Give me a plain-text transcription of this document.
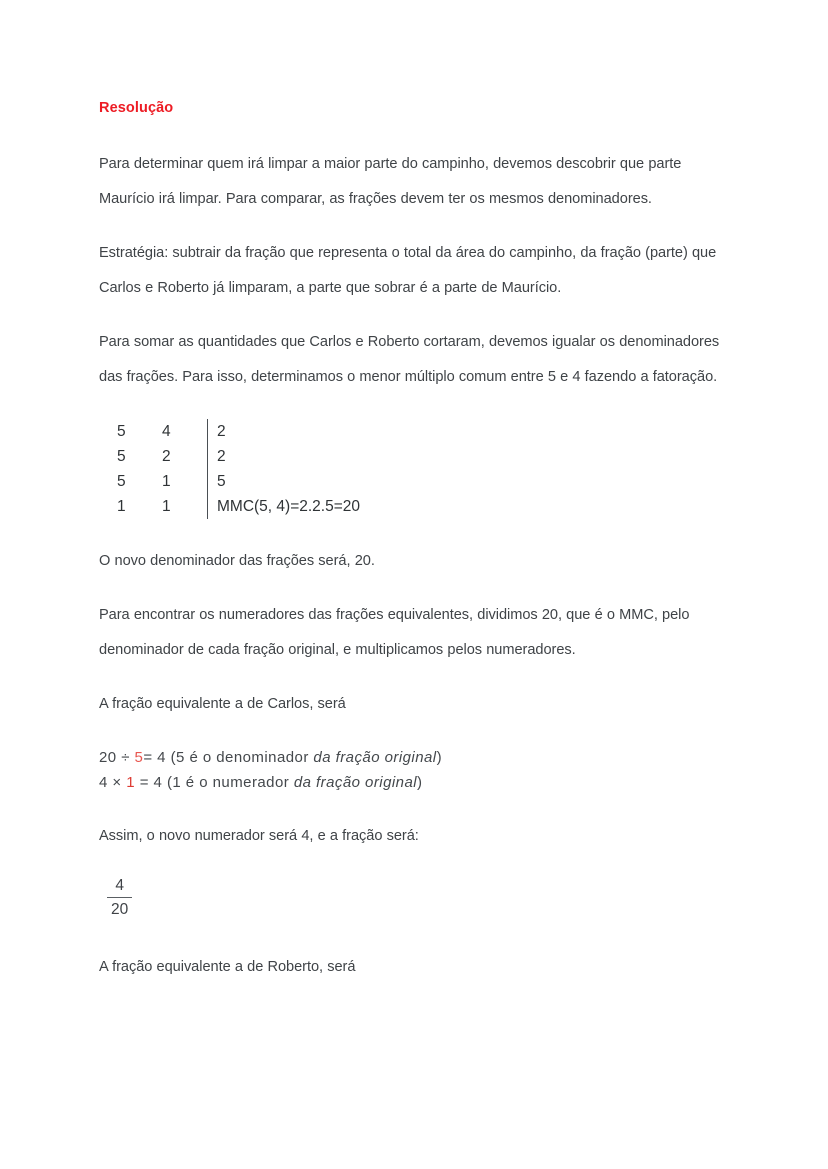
Resolução

Para determinar quem irá limpar a maior parte do campinho, devemos descobrir que parte Maurício irá limpar. Para comparar, as frações devem ter os mesmos denominadores.

Estratégia: subtrair da fração que representa o total da área do campinho, da fração (parte) que Carlos e Roberto já limparam, a parte que sobrar é a parte de Maurício.

Para somar as quantidades que Carlos e Roberto cortaram, devemos igualar os denominadores das frações. Para isso, determinamos o menor múltiplo comum entre 5 e 4 fazendo a fatoração.

5	4	2
5	2	2
5	1	5
1	1	MMC(5, 4)=2.2.5=20

O novo denominador das frações será, 20.

Para encontrar os numeradores das frações equivalentes, dividimos 20, que é o MMC, pelo denominador de cada fração original, e multiplicamos pelos numeradores.

A fração equivalente a de Carlos, será

20 ÷ 5= 4 (5 é o denominador da fração original)
4 × 1 = 4 (1 é o numerador da fração original)

Assim, o novo numerador será 4, e a fração será:

$\frac{4}{20}$

A fração equivalente a de Roberto, será
